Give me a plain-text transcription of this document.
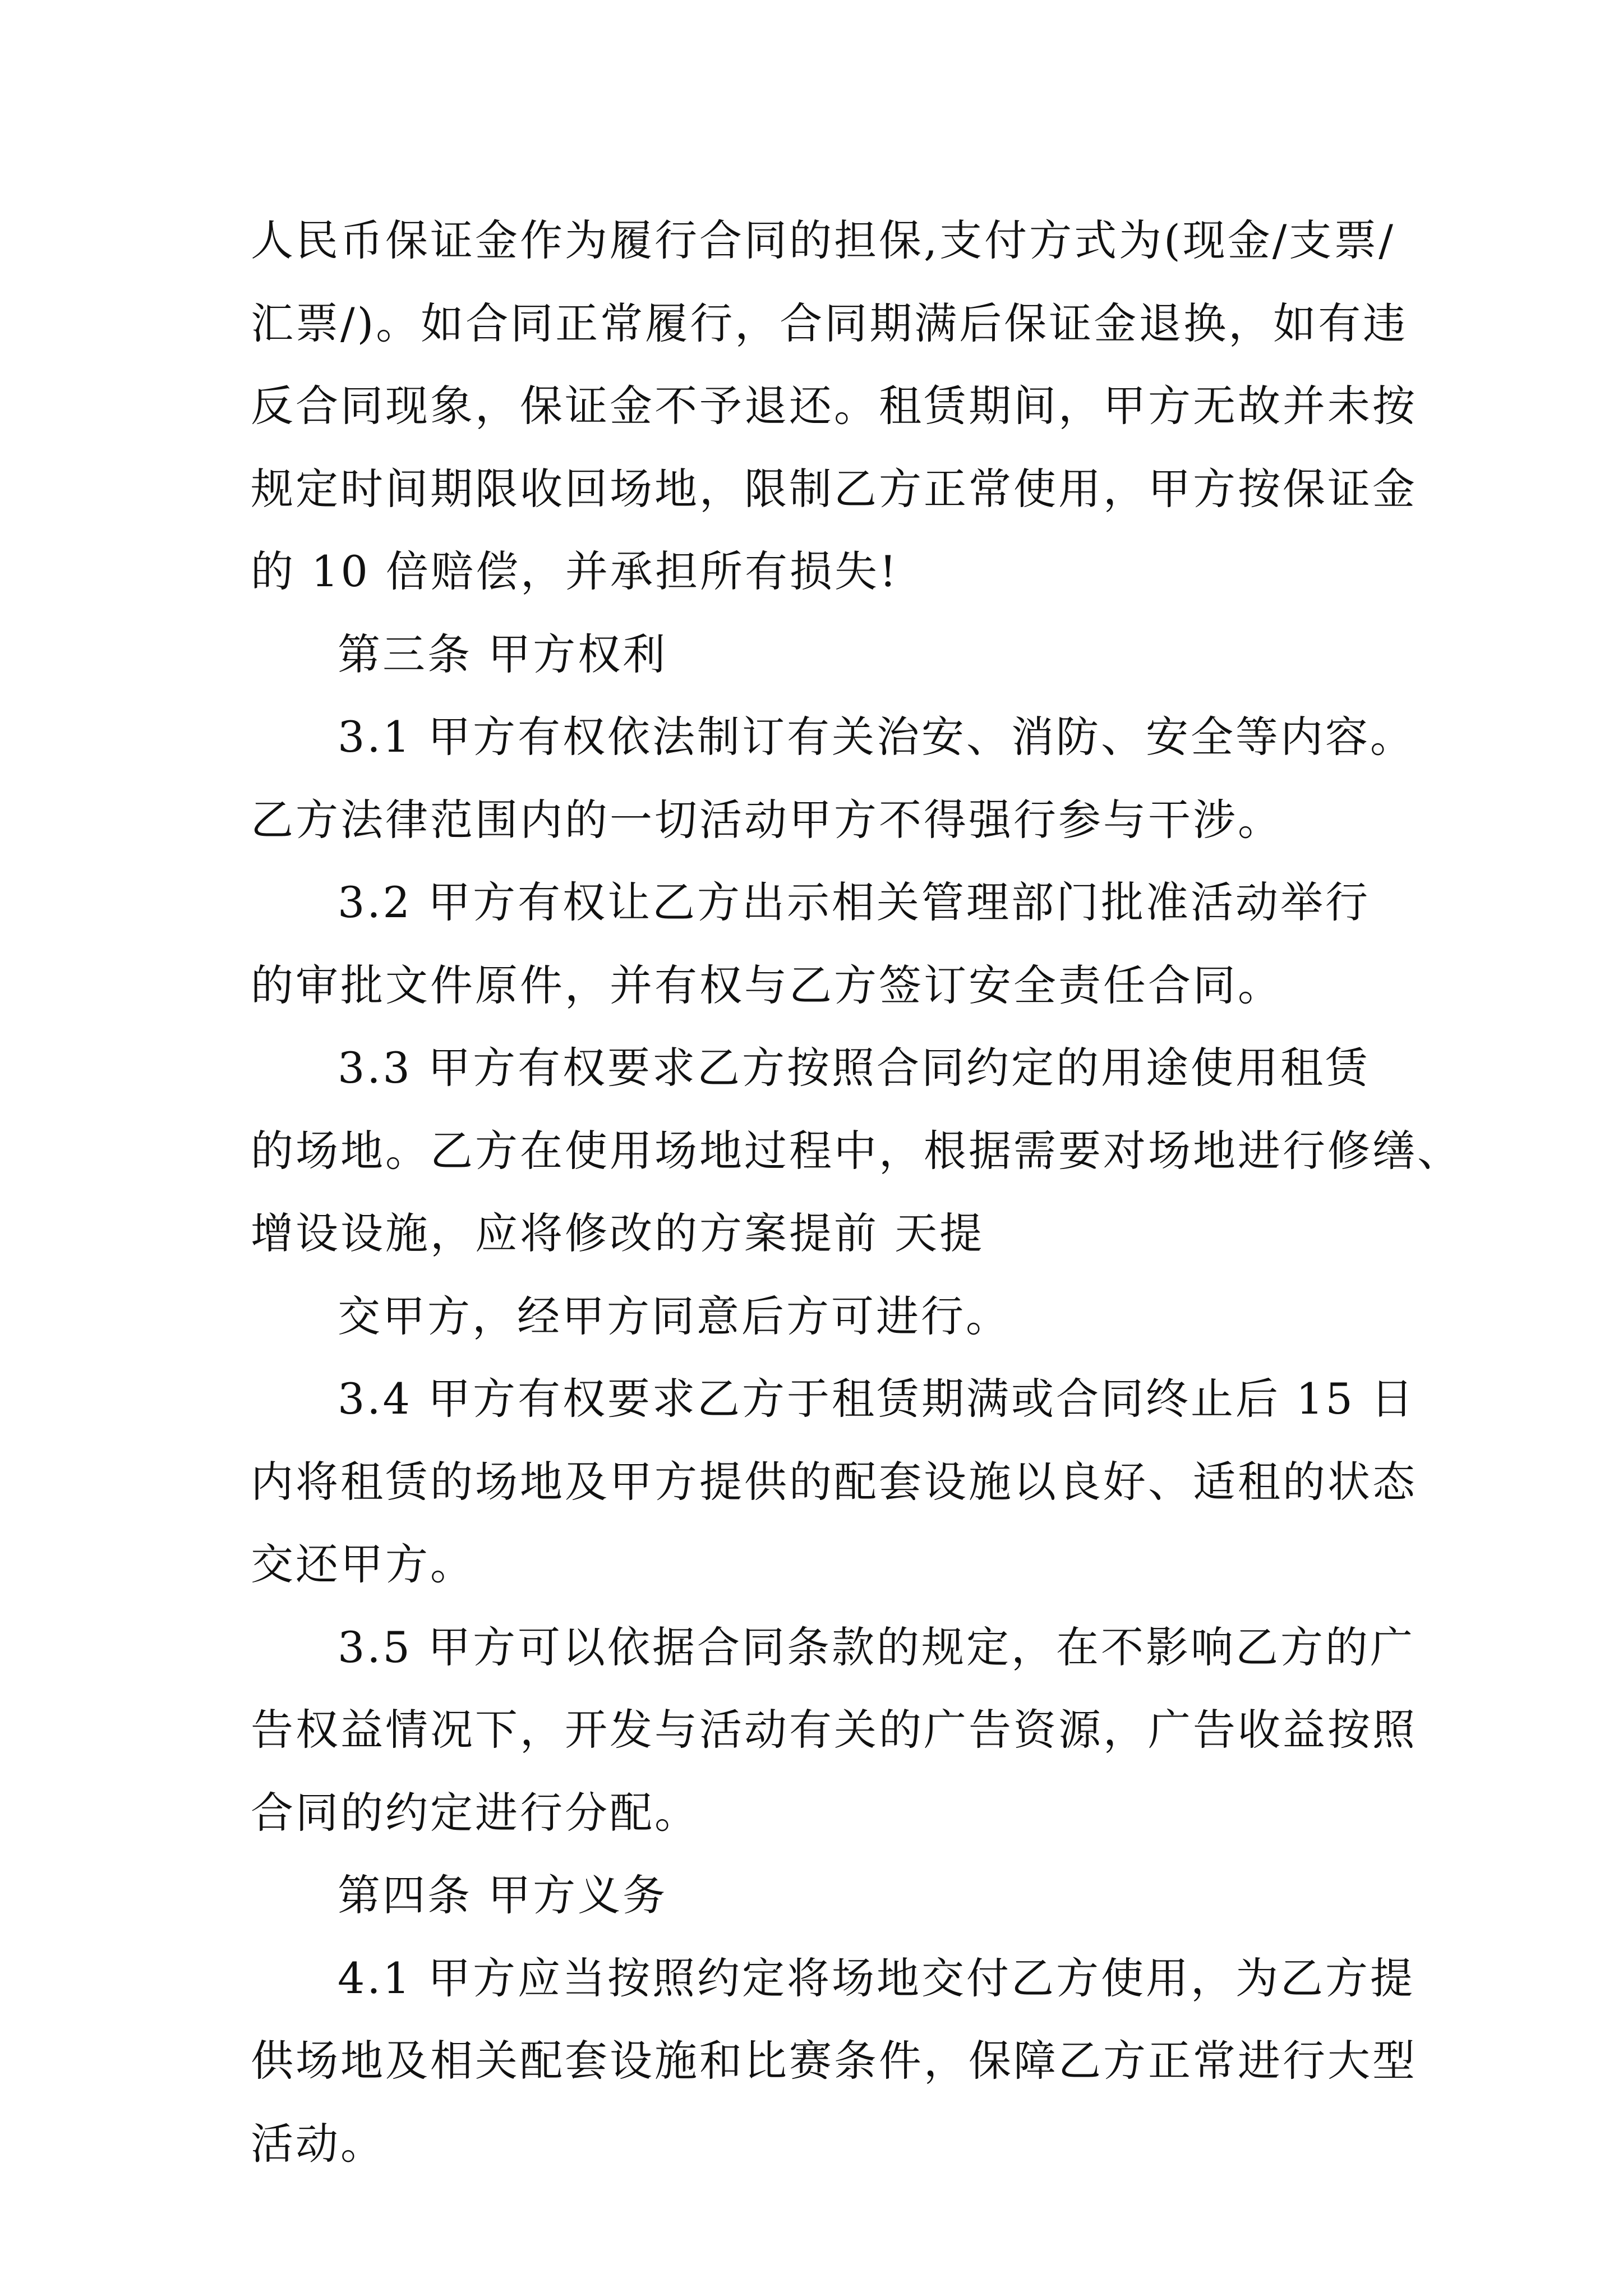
人民币保证金作为履行合同的担保,支付方式为(现金/支票/
汇票/)。如合同正常履行，合同期满后保证金退换，如有违
反合同现象，保证金不予退还。租赁期间，甲方无故并未按
规定时间期限收回场地，限制乙方正常使用，甲方按保证金
的 10 倍赔偿，并承担所有损失!
第三条 甲方权利
3.1 甲方有权依法制订有关治安、消防、安全等内容。
乙方法律范围内的一切活动甲方不得强行参与干涉。
3.2 甲方有权让乙方出示相关管理部门批准活动举行
的审批文件原件，并有权与乙方签订安全责任合同。
3.3 甲方有权要求乙方按照合同约定的用途使用租赁
的场地。乙方在使用场地过程中，根据需要对场地进行修缮、
增设设施，应将修改的方案提前 天提
交甲方，经甲方同意后方可进行。
3.4 甲方有权要求乙方于租赁期满或合同终止后 15 日
内将租赁的场地及甲方提供的配套设施以良好、适租的状态
交还甲方。
3.5 甲方可以依据合同条款的规定，在不影响乙方的广
告权益情况下，开发与活动有关的广告资源，广告收益按照
合同的约定进行分配。
第四条 甲方义务
4.1 甲方应当按照约定将场地交付乙方使用，为乙方提
供场地及相关配套设施和比赛条件，保障乙方正常进行大型
活动。
